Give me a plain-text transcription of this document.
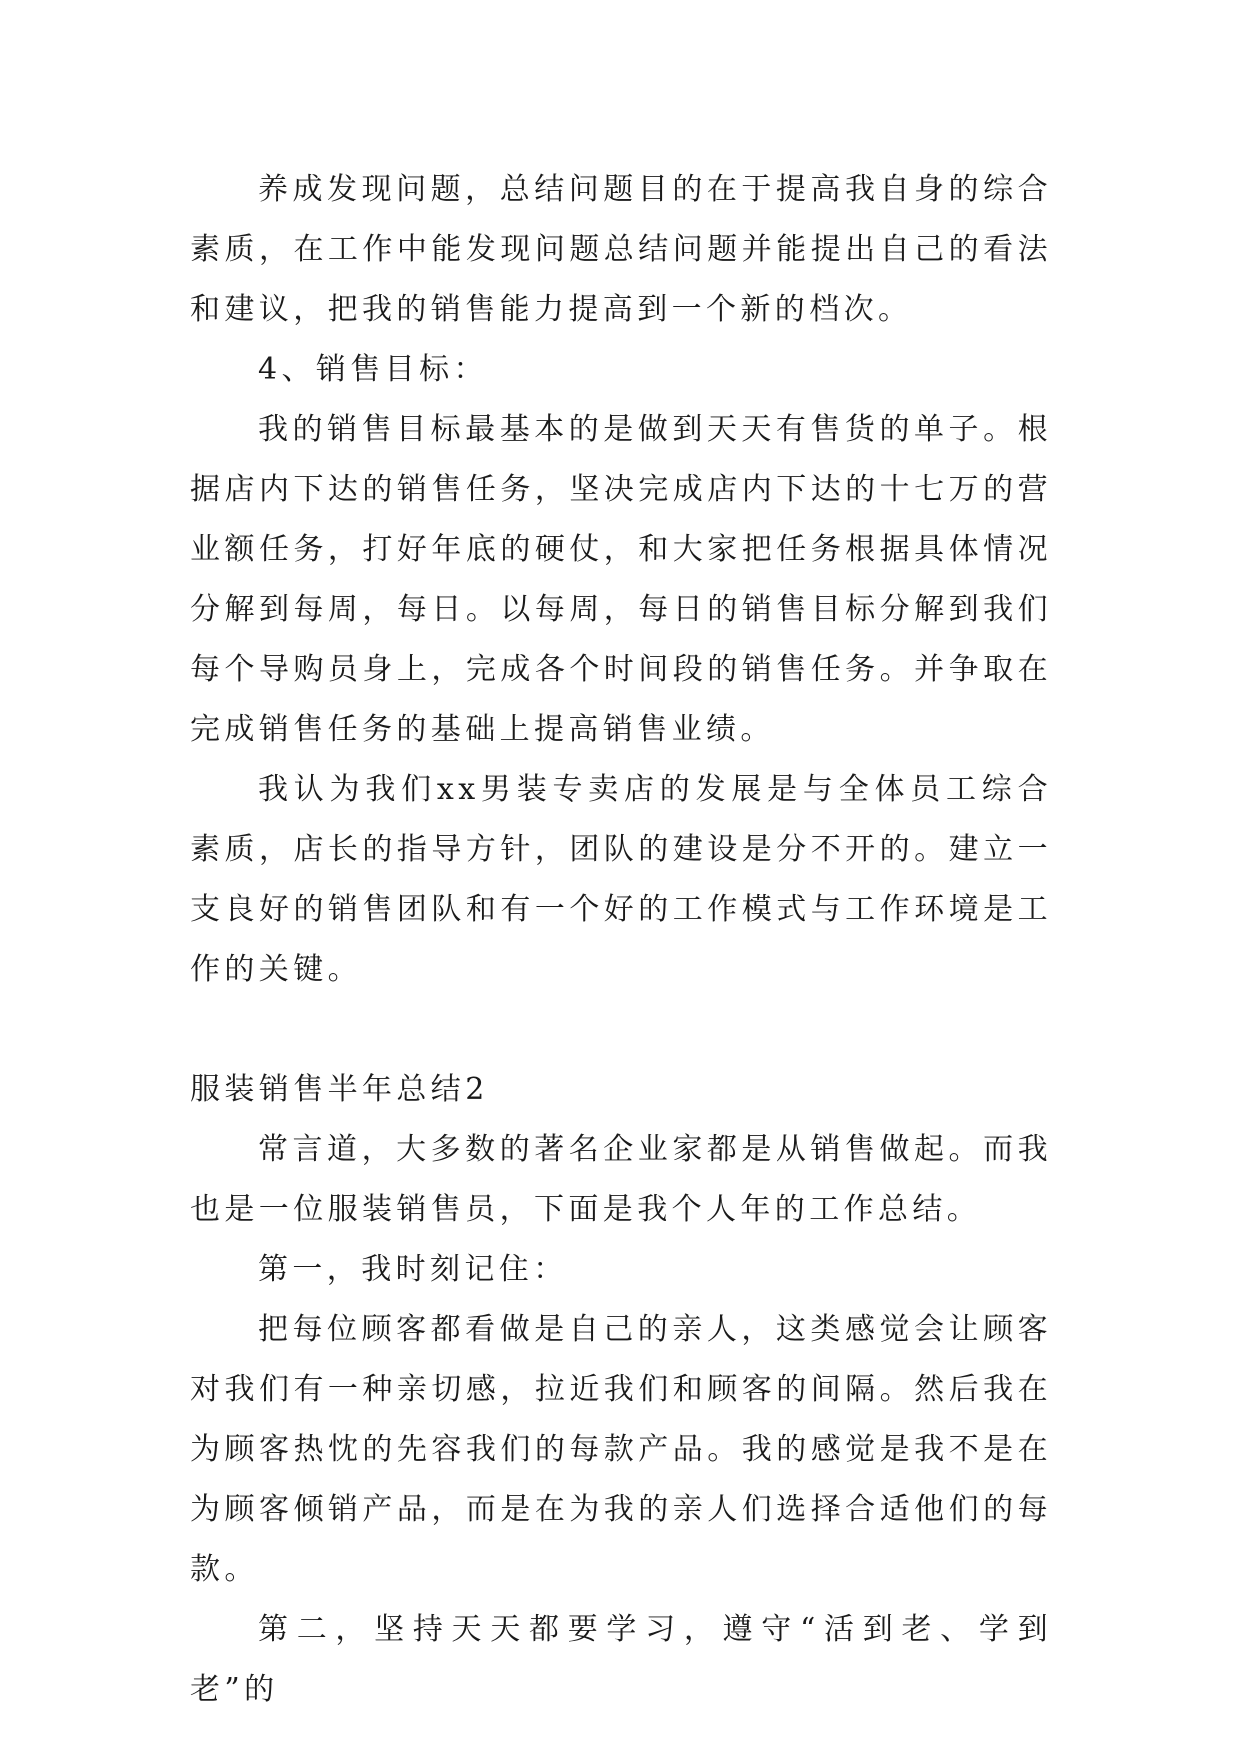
养成发现问题，总结问题目的在于提高我自身的综合素质，在工作中能发现问题总结问题并能提出自己的看法和建议，把我的销售能力提高到一个新的档次。

4、销售目标：

我的销售目标最基本的是做到天天有售货的单子。根据店内下达的销售任务，坚决完成店内下达的十七万的营业额任务，打好年底的硬仗，和大家把任务根据具体情况分解到每周，每日。以每周，每日的销售目标分解到我们每个导购员身上，完成各个时间段的销售任务。并争取在完成销售任务的基础上提高销售业绩。

我认为我们xx男装专卖店的发展是与全体员工综合素质，店长的指导方针，团队的建设是分不开的。建立一支良好的销售团队和有一个好的工作模式与工作环境是工作的关键。

服装销售半年总结2

常言道，大多数的著名企业家都是从销售做起。而我也是一位服装销售员，下面是我个人年的工作总结。

第一，我时刻记住：

把每位顾客都看做是自己的亲人，这类感觉会让顾客对我们有一种亲切感，拉近我们和顾客的间隔。然后我在为顾客热忱的先容我们的每款产品。我的感觉是我不是在为顾客倾销产品，而是在为我的亲人们选择合适他们的每款。

第二，坚持天天都要学习，遵守“活到老、学到老”的
